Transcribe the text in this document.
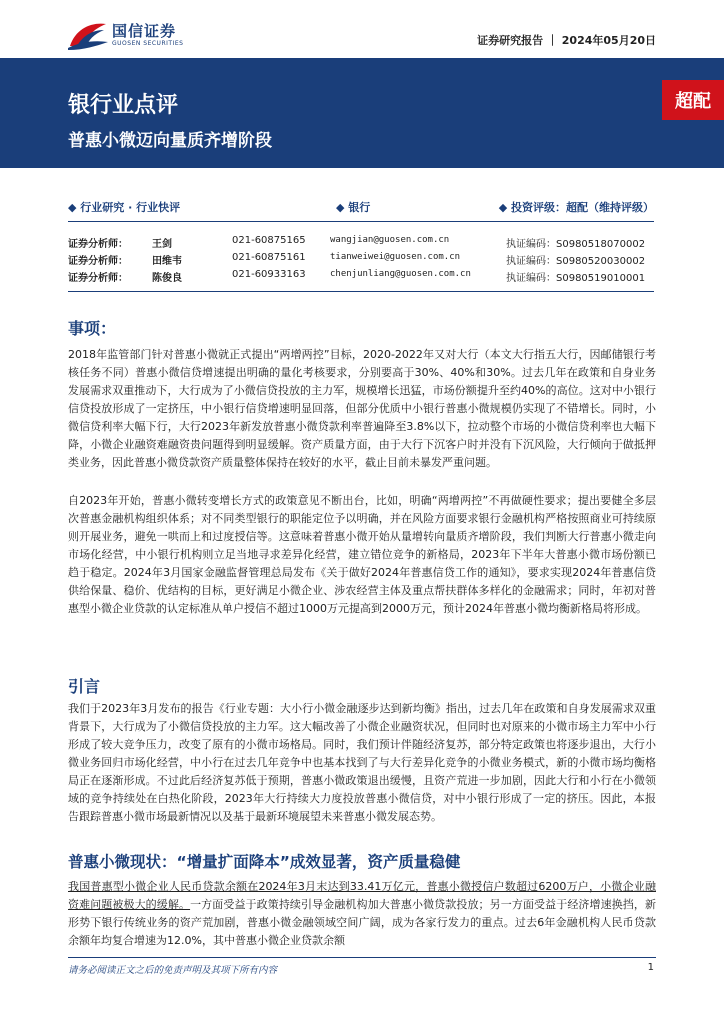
国信证券
GUOSEN SECURITIES	证券研究报告 ｜ 2024年05月20日
银行业点评
普惠小微迈向量质齐增阶段
超配
◆ 行业研究 · 行业快评	◆ 银行	◆ 投资评级：超配（维持评级）
证券分析师： 王剑	021-60875165	wangjian@guosen.com.cn	执证编码：S0980518070002
证券分析师： 田维韦	021-60875161	tianweiwei@guosen.com.cn	执证编码：S0980520030002
证券分析师： 陈俊良	021-60933163	chenjunliang@guosen.com.cn	执证编码：S0980519010001
事项：
2018年监管部门针对普惠小微就正式提出“两增两控”目标，2020-2022年又对大行（本文大行指五大行，因邮储银行考核任务不同）普惠小微信贷增速提出明确的量化考核要求，分别要高于30%、40%和30%。过去几年在政策和自身业务发展需求双重推动下，大行成为了小微信贷投放的主力军，规模增长迅猛，市场份额提升至约40%的高位。这对中小银行信贷投放形成了一定挤压，中小银行信贷增速明显回落，但部分优质中小银行普惠小微规模仍实现了不错增长。同时，小微信贷利率大幅下行，大行2023年新发放普惠小微贷款利率普遍降至3.8%以下，拉动整个市场的小微信贷利率也大幅下降，小微企业融资难融资贵问题得到明显缓解。资产质量方面，由于大行下沉客户时并没有下沉风险，大行倾向于做抵押类业务，因此普惠小微贷款资产质量整体保持在较好的水平，截止目前未暴发严重问题。
自2023年开始，普惠小微转变增长方式的政策意见不断出台，比如，明确“两增两控”不再做硬性要求；提出要健全多层次普惠金融机构组织体系；对不同类型银行的职能定位予以明确，并在风险方面要求银行金融机构严格按照商业可持续原则开展业务，避免一哄而上和过度授信等。这意味着普惠小微开始从量增转向量质齐增阶段，我们判断大行普惠小微走向市场化经营，中小银行机构则立足当地寻求差异化经营，建立错位竞争的新格局，2023年下半年大普惠小微市场份额已趋于稳定。2024年3月国家金融监督管理总局发布《关于做好2024年普惠信贷工作的通知》，要求实现2024年普惠信贷供给保量、稳价、优结构的目标，更好满足小微企业、涉农经营主体及重点帮扶群体多样化的金融需求；同时，年初对普惠型小微企业贷款的认定标准从单户授信不超过1000万元提高到2000万元，预计2024年普惠小微均衡新格局将形成。
引言
我们于2023年3月发布的报告《行业专题：大小行小微金融逐步达到新均衡》指出，过去几年在政策和自身发展需求双重背景下，大行成为了小微信贷投放的主力军。这大幅改善了小微企业融资状况，但同时也对原来的小微市场主力军中小行形成了较大竞争压力，改变了原有的小微市场格局。同时，我们预计伴随经济复苏，部分特定政策也将逐步退出，大行小微业务回归市场化经营，中小行在过去几年竞争中也基本找到了与大行差异化竞争的小微业务模式，新的小微市场均衡格局正在逐渐形成。不过此后经济复苏低于预期，普惠小微政策退出缓慢，且资产荒进一步加剧，因此大行和小行在小微领域的竞争持续处在白热化阶段，2023年大行持续大力度投放普惠小微信贷，对中小银行形成了一定的挤压。因此，本报告跟踪普惠小微市场最新情况以及基于最新环境展望未来普惠小微发展态势。
普惠小微现状：“增量扩面降本”成效显著，资产质量稳健
我国普惠型小微企业人民币贷款余额在2024年3月末达到33.41万亿元，普惠小微授信户数超过6200万户，小微企业融资难问题被极大的缓解。一方面受益于政策持续引导金融机构加大普惠小微贷款投放；另一方面受益于经济增速换挡，新形势下银行传统业务的资产荒加剧，普惠小微金融领域空间广阔，成为各家行发力的重点。过去6年金融机构人民币贷款余额年均复合增速为12.0%，其中普惠小微企业贷款余额
请务必阅读正文之后的免责声明及其项下所有内容	1
